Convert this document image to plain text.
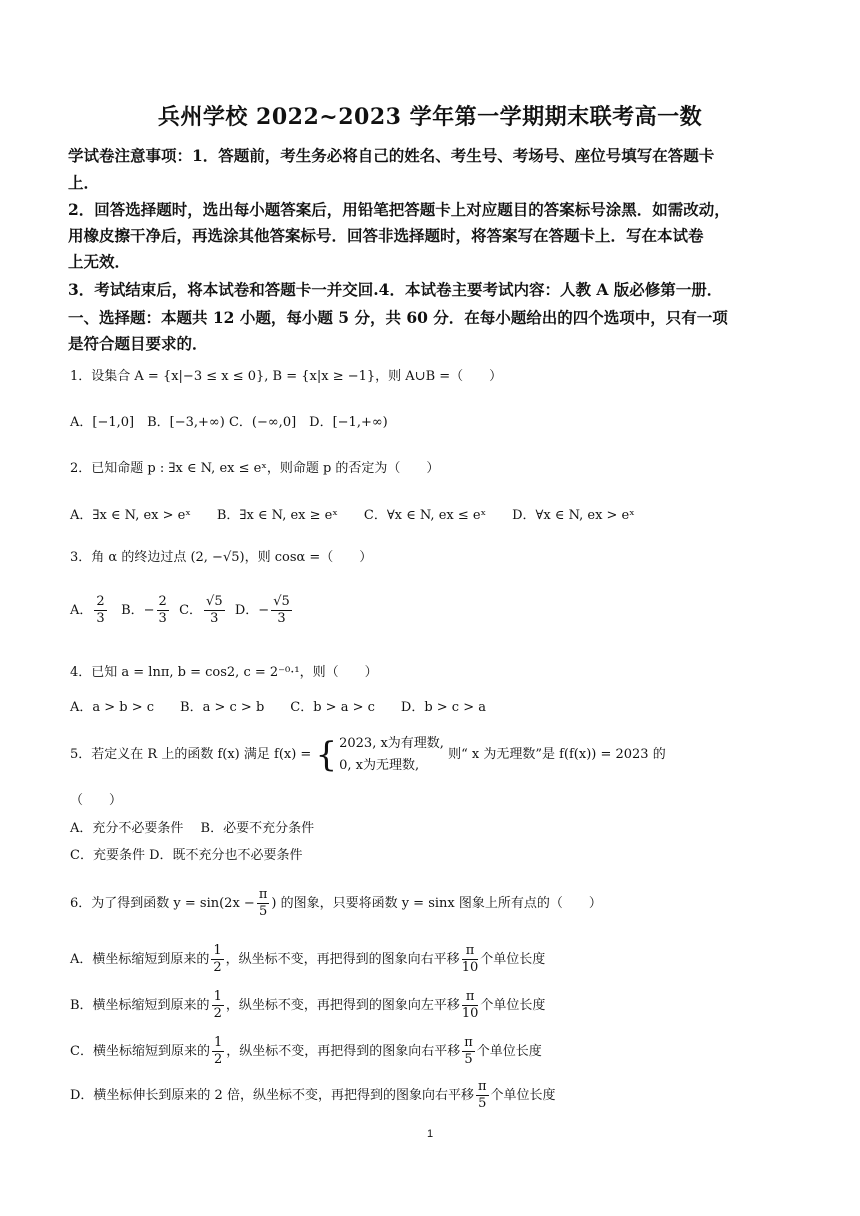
兵州学校 2022~2023 学年第一学期期末联考高一数
学试卷注意事项：1．答题前，考生务必将自己的姓名、考生号、考场号、座位号填写在答题卡
上．
2．回答选择题时，选出每小题答案后，用铅笔把答题卡上对应题目的答案标号涂黑．如需改动，
用橡皮擦干净后，再选涂其他答案标号．回答非选择题时，将答案写在答题卡上．写在本试卷
上无效．
3．考试结束后，将本试卷和答题卡一并交回.4．本试卷主要考试内容：人教 A 版必修第一册．
一、选择题：本题共 12 小题，每小题 5 分，共 60 分．在每小题给出的四个选项中，只有一项
是符合题目要求的．
1．设集合 A = {x|−3 ≤ x ≤ 0}, B = {x|x ≥ −1}，则 A∪B =（　　）
A．[−1,0]　B．[−3,+∞) C．(−∞,0]　D．[−1,+∞)
2．已知命题 p : ∃x ∈ N, ex ≤ eˣ，则命题 p 的否定为（　　）
A．∃x ∈ N, ex > eˣ　　B．∃x ∈ N, ex ≥ eˣ　　C．∀x ∈ N, ex ≤ eˣ　　D．∀x ∈ N, ex > eˣ
3．角 α 的终边过点 (2, −√5)，则 cosα =（　　）
A． $\frac{2}{3}$ B．− $\frac{2}{3}$ C． $\frac{√5}{3}$ D．− $\frac{√5}{3}$
4．已知 a = lnπ, b = cos2, c = 2⁻⁰·¹，则（　　）
A．a > b > c　　B．a > c > b　　C．b > a > c　　D．b > c > a
5．若定义在 R 上的函数 f(x) 满足 f(x) = { 2023, x为有理数,
0, x为无理数,
则“ x 为无理数”是 f(f(x)) = 2023 的
（　　）
A．充分不必要条件　 B．必要不充分条件
C．充要条件 D．既不充分也不必要条件
6．为了得到函数 $y = \sin(2x - \frac{\pi}{5}$ ) 的图象，只要将函数 y = sinx 图象上所有点的（　　）
A．横坐标缩短到原来的 $\frac{1}{2}$ ，纵坐标不变，再把得到的图象向右平移 $\frac{\pi}{10}$ 个单位长度
B．横坐标缩短到原来的 $\frac{1}{2}$ ，纵坐标不变，再把得到的图象向左平移 $\frac{\pi}{10}$ 个单位长度
C．横坐标缩短到原来的 $\frac{1}{2}$ ，纵坐标不变，再把得到的图象向右平移 $\frac{\pi}{5}$ 个单位长度
D．横坐标伸长到原来的 2 倍，纵坐标不变，再把得到的图象向右平移 $\frac{\pi}{5}$ 个单位长度
1
